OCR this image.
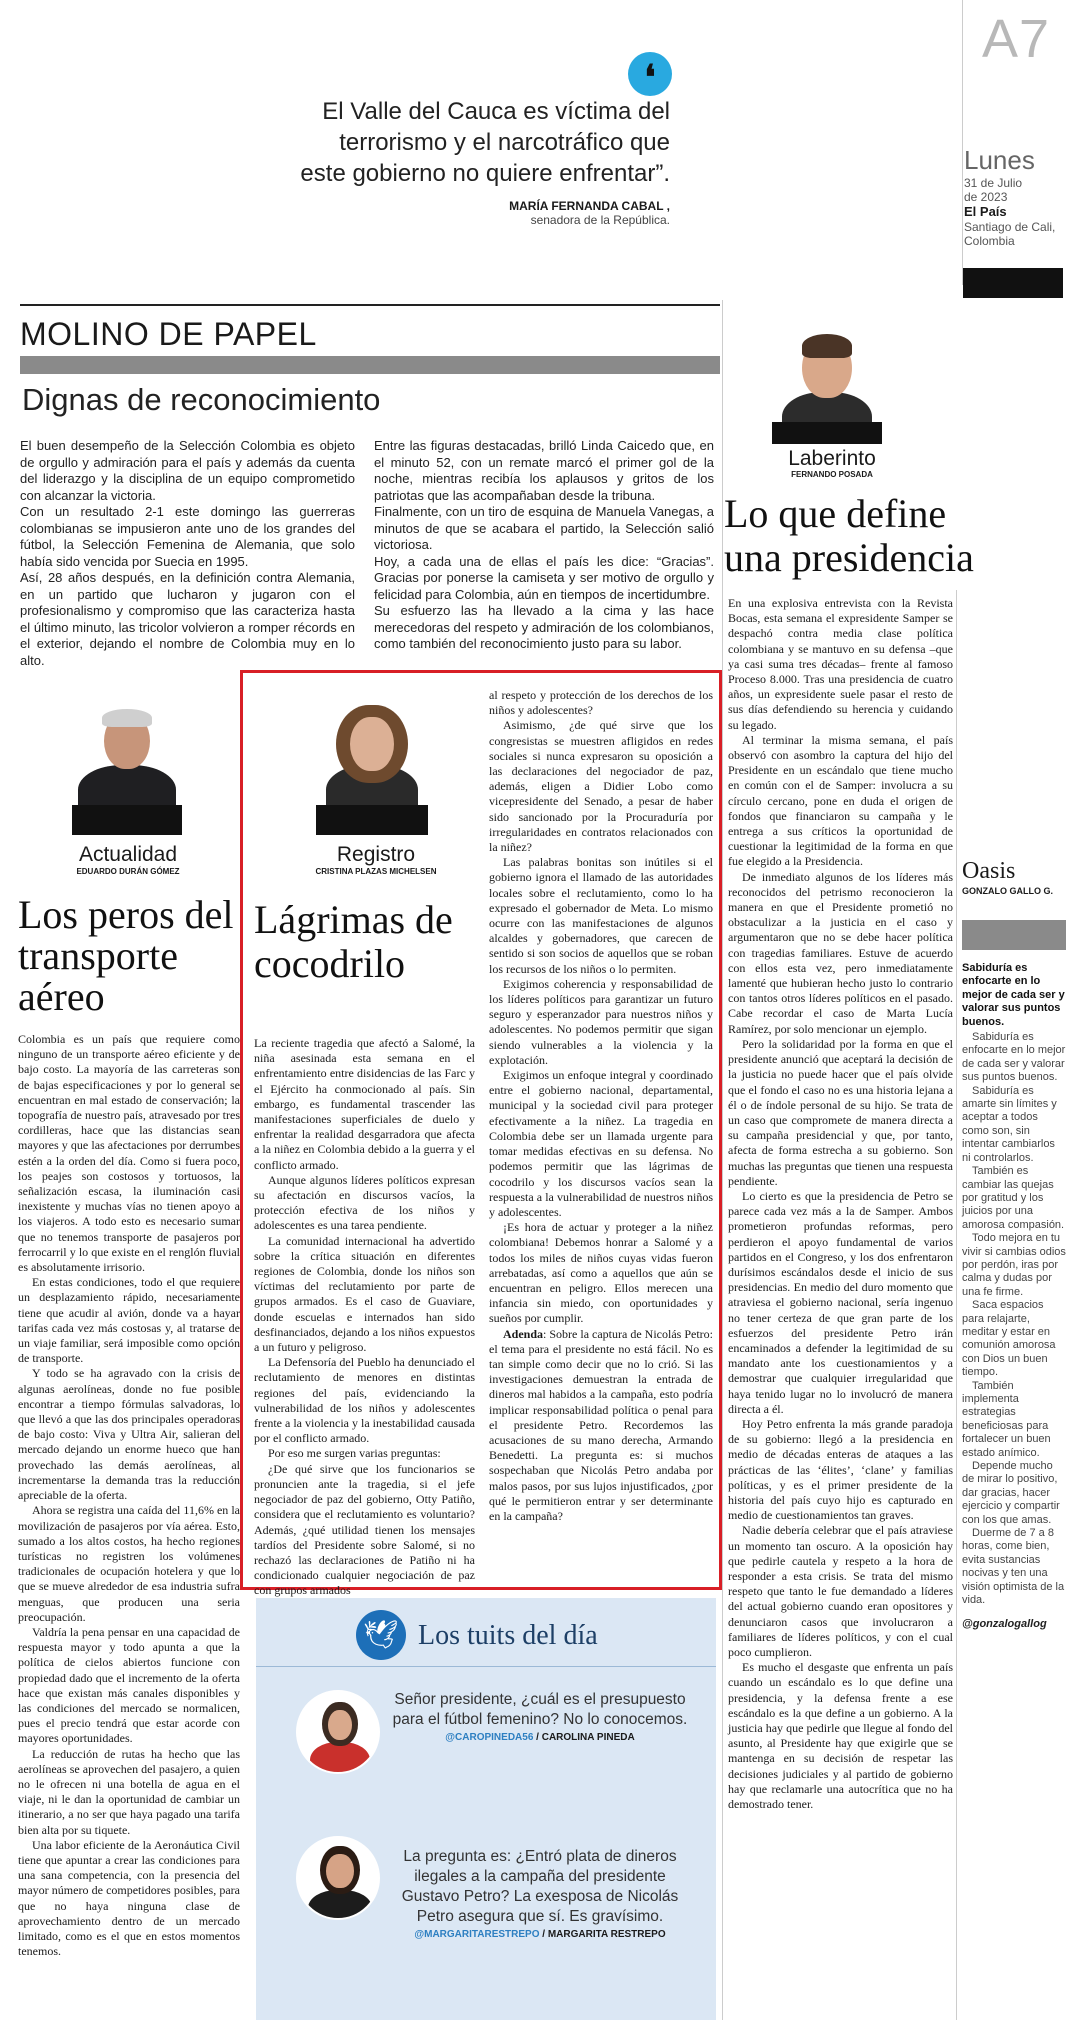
A7
Lunes
31 de Julio
de 2023
El País
Santiago de Cali,
Colombia
❛
El Valle del Cauca es víctima del
terrorismo y el narcotráfico que
este gobierno no quiere enfrentar”.
MARÍA FERNANDA CABAL ,
senadora de la República.
MOLINO DE PAPEL
Dignas de reconocimiento
El buen desempeño de la Selección Colombia es objeto de orgullo y admiración para el país y además da cuenta del liderazgo y la disciplina de un equipo comprometido con alcanzar la victoria.
Con un resultado 2-1 este domingo las guerreras colombianas se impusieron ante uno de los grandes del fútbol, la Selección Femenina de Alemania, que solo había sido vencida por Suecia en 1995.
Así, 28 años después, en la definición contra Alemania, en un partido que lucharon y jugaron con el profesionalismo y compromiso que las caracteriza hasta el último minuto, las tricolor volvieron a romper récords en el exterior, dejando el nombre de Colombia muy en lo alto.
Entre las figuras destacadas, brilló Linda Caicedo que, en el minuto 52, con un remate marcó el primer gol de la noche, mientras recibía los aplausos y gritos de los patriotas que las acompañaban desde la tribuna.
Finalmente, con un tiro de esquina de Manuela Vanegas, a minutos de que se acabara el partido, la Selección salió victoriosa.
Hoy, a cada una de ellas el país les dice: “Gracias”. Gracias por ponerse la camiseta y ser motivo de orgullo y felicidad para Colombia, aún en tiempos de incertidumbre.
Su esfuerzo las ha llevado a la cima y las hace merecedoras del respeto y admiración de los colombianos, como también del reconocimiento justo para su labor.
Laberinto
FERNANDO POSADA
Lo que define
una presidencia

En una explosiva entrevista con la Revista Bocas, esta semana el expresidente Samper se despachó contra media clase política colombiana y se mantuvo en su defensa –que ya casi suma tres décadas– frente al famoso Proceso 8.000. Tras una presidencia de cuatro años, un expresidente suele pasar el resto de sus días defendiendo su herencia y cuidando su legado.

Al terminar la misma semana, el país observó con asombro la captura del hijo del Presidente en un escándalo que tiene mucho en común con el de Samper: involucra a su círculo cercano, pone en duda el origen de fondos que financiaron su campaña y le entrega a sus críticos la oportunidad de cuestionar la legitimidad de la forma en que fue elegido a la Presidencia.

De inmediato algunos de los líderes más reconocidos del petrismo reconocieron la manera en que el Presidente prometió no obstaculizar a la justicia en el caso y argumentaron que no se debe hacer política con tragedias familiares. Estuve de acuerdo con ellos esta vez, pero inmediatamente lamenté que hubieran hecho justo lo contrario con tantos otros líderes políticos en el pasado. Cabe recordar el caso de Marta Lucía Ramírez, por solo mencionar un ejemplo.

Pero la solidaridad por la forma en que el presidente anunció que aceptará la decisión de la justicia no puede hacer que el país olvide que el fondo el caso no es una historia lejana a él o de índole personal de su hijo. Se trata de un caso que compromete de manera directa a su campaña presidencial y que, por tanto, afecta de forma estrecha a su gobierno. Son muchas las preguntas que tienen una respuesta pendiente.

Lo cierto es que la presidencia de Petro se parece cada vez más a la de Samper. Ambos prometieron profundas reformas, pero perdieron el apoyo fundamental de varios partidos en el Congreso, y los dos enfrentaron durísimos escándalos desde el inicio de sus presidencias. En medio del duro momento que atraviesa el gobierno nacional, sería ingenuo no tener certeza de que gran parte de los esfuerzos del presidente Petro irán encaminados a defender la legitimidad de su mandato ante los cuestionamientos y a demostrar que cualquier irregularidad que haya tenido lugar no lo involucró de manera directa a él.

Hoy Petro enfrenta la más grande paradoja de su gobierno: llegó a la presidencia en medio de décadas enteras de ataques a las prácticas de las ‘élites’, ‘clane’ y familias políticas, y es el primer presidente de la historia del país cuyo hijo es capturado en medio de cuestionamientos tan graves.

Nadie debería celebrar que el país atraviese un momento tan oscuro. A la oposición hay que pedirle cautela y respeto a la hora de responder a esta crisis. Se trata del mismo respeto que tanto le fue demandado a líderes del actual gobierno cuando eran opositores y denunciaron casos que involucraron a familiares de líderes políticos, y con el cual poco cumplieron.

Es mucho el desgaste que enfrenta un país cuando un escándalo es lo que define una presidencia, y la defensa frente a ese escándalo es la que define a un gobierno. A la justicia hay que pedirle que llegue al fondo del asunto, al Presidente hay que exigirle que se mantenga en su decisión de respetar las decisiones judiciales y al partido de gobierno hay que reclamarle una autocrítica que no ha demostrado tener.

Oasis
GONZALO GALLO G.
Sabiduría es enfocarte en lo mejor de cada ser y valorar sus puntos buenos.
Sabiduría es enfocarte en lo mejor de cada ser y valorar sus puntos buenos.
Sabiduría es amarte sin límites y aceptar a todos como son, sin intentar cambiarlos ni controlarlos.
También es cambiar las quejas por gratitud y los juicios por una amorosa compasión.
Todo mejora en tu vivir si cambias odios por perdón, iras por calma y dudas por una fe firme.
Saca espacios para relajarte, meditar y estar en comunión amorosa con Dios un buen tiempo.
También implementa estrategias beneficiosas para fortalecer un buen estado anímico.
Depende mucho de mirar lo positivo, dar gracias, hacer ejercicio y compartir con los que amas.
Duerme de 7 a 8 horas, come bien, evita sustancias nocivas y ten una visión optimista de la vida.
@gonzalogallog
Actualidad
EDUARDO DURÁN GÓMEZ
Los peros del
transporte
aéreo

Colombia es un país que requiere como ninguno de un transporte aéreo eficiente y de bajo costo. La mayoría de las carreteras son de bajas especificaciones y por lo general se encuentran en mal estado de conservación; la topografía de nuestro país, atravesado por tres cordilleras, hace que las distancias sean mayores y que las afectaciones por derrumbes estén a la orden del día. Como si fuera poco, los peajes son costosos y tortuosos, la señalización escasa, la iluminación casi inexistente y muchas vías no tienen apoyo a los viajeros. A todo esto es necesario sumar que no tenemos transporte de pasajeros por ferrocarril y lo que existe en el renglón fluvial es absolutamente irrisorio.

En estas condiciones, todo el que requiere un desplazamiento rápido, necesariamente tiene que acudir al avión, donde va a hayar tarifas cada vez más costosas y, al tratarse de un viaje familiar, será imposible como opción de transporte.

Y todo se ha agravado con la crisis de algunas aerolíneas, donde no fue posible encontrar a tiempo fórmulas salvadoras, lo que llevó a que las dos principales operadoras de bajo costo: Viva y Ultra Air, salieran del mercado dejando un enorme hueco que han provechado las demás aerolíneas, al incrementarse la demanda tras la reducción apreciable de la oferta.

Ahora se registra una caída del 11,6% en la movilización de pasajeros por vía aérea. Esto, sumado a los altos costos, ha hecho regiones turísticas no registren los volúmenes tradicionales de ocupación hotelera y que lo que se mueve alrededor de esa industria sufra menguas, que producen una seria preocupación.

Valdría la pena pensar en una capacidad de respuesta mayor y todo apunta a que la política de cielos abiertos funcione con propiedad dado que el incremento de la oferta hace que existan más canales disponibles y las condiciones del mercado se normalicen, pues el precio tendrá que estar acorde con mayores oportunidades.

La reducción de rutas ha hecho que las aerolíneas se aprovechen del pasajero, a quien no le ofrecen ni una botella de agua en el viaje, ni le dan la oportunidad de cambiar un itinerario, a no ser que haya pagado una tarifa bien alta por su tiquete.

Una labor eficiente de la Aeronáutica Civil tiene que apuntar a crear las condiciones para una sana competencia, con la presencia del mayor número de competidores posibles, para que no haya ninguna clase de aprovechamiento dentro de un mercado limitado, como es el que en estos momentos tenemos.

Registro
CRISTINA PLAZAS MICHELSEN
Lágrimas de
cocodrilo

La reciente tragedia que afectó a Salomé, la niña asesinada esta semana en el enfrentamiento entre disidencias de las Farc y el Ejército ha conmocionado al país. Sin embargo, es fundamental trascender las manifestaciones superficiales de duelo y enfrentar la realidad desgarradora que afecta a la niñez en Colombia debido a la guerra y el conflicto armado.

Aunque algunos líderes políticos expresan su afectación en discursos vacíos, la protección efectiva de los niños y adolescentes es una tarea pendiente.

La comunidad internacional ha advertido sobre la crítica situación en diferentes regiones de Colombia, donde los niños son víctimas del reclutamiento por parte de grupos armados. Es el caso de Guaviare, donde escuelas e internados han sido desfinanciados, dejando a los niños expuestos a un futuro y peligroso.

La Defensoría del Pueblo ha denunciado el reclutamiento de menores en distintas regiones del país, evidenciando la vulnerabilidad de los niños y adolescentes frente a la violencia y la inestabilidad causada por el conflicto armado.

Por eso me surgen varias preguntas:

¿De qué sirve que los funcionarios se pronuncien ante la tragedia, si el jefe negociador de paz del gobierno, Otty Patiño, considera que el reclutamiento es voluntario? Además, ¿qué utilidad tienen los mensajes tardíos del Presidente sobre Salomé, si no rechazó las declaraciones de Patiño ni ha condicionado cualquier negociación de paz con grupos armados

al respeto y protección de los derechos de los niños y adolescentes?

Asimismo, ¿de qué sirve que los congresistas se muestren afligidos en redes sociales si nunca expresaron su oposición a las declaraciones del negociador de paz, además, eligen a Didier Lobo como vicepresidente del Senado, a pesar de haber sido sancionado por la Procuraduría por irregularidades en contratos relacionados con la niñez?

Las palabras bonitas son inútiles si el gobierno ignora el llamado de las autoridades locales sobre el reclutamiento, como lo ha expresado el gobernador de Meta. Lo mismo ocurre con las manifestaciones de algunos alcaldes y gobernadores, que carecen de sentido si son socios de aquellos que se roban los recursos de los niños o lo permiten.

Exigimos coherencia y responsabilidad de los líderes políticos para garantizar un futuro seguro y esperanzador para nuestros niños y adolescentes. No podemos permitir que sigan siendo vulnerables a la violencia y la explotación.

Exigimos un enfoque integral y coordinado entre el gobierno nacional, departamental, municipal y la sociedad civil para proteger efectivamente a la niñez. La tragedia en Colombia debe ser un llamada urgente para tomar medidas efectivas en su defensa. No podemos permitir que las lágrimas de cocodrilo y los discursos vacíos sean la respuesta a la vulnerabilidad de nuestros niños y adolescentes.

¡Es hora de actuar y proteger a la niñez colombiana! Debemos honrar a Salomé y a todos los miles de niños cuyas vidas fueron arrebatadas, así como a aquellos que aún se encuentran en peligro. Ellos merecen una infancia sin miedo, con oportunidades y sueños por cumplir.

Adenda: Sobre la captura de Nicolás Petro: el tema para el presidente no está fácil. No es tan simple como decir que no lo crió. Si las investigaciones demuestran la entrada de dineros mal habidos a la campaña, esto podría implicar responsabilidad política o penal para el presidente Petro. Recordemos las acusaciones de su mano derecha, Armando Benedetti. La pregunta es: si muchos sospechaban que Nicolás Petro andaba por malos pasos, por sus lujos injustificados, ¿por qué le permitieron entrar y ser determinante en la campaña?

🕊 Los tuits del día
Señor presidente, ¿cuál es el presupuesto para el fútbol femenino? No lo conocemos.
@CAROPINEDA56 / CAROLINA PINEDA
La pregunta es: ¿Entró plata de dineros ilegales a la campaña del presidente Gustavo Petro? La exesposa de Nicolás Petro asegura que sí. Es gravísimo.
@MARGARITARESTREPO / MARGARITA RESTREPO
